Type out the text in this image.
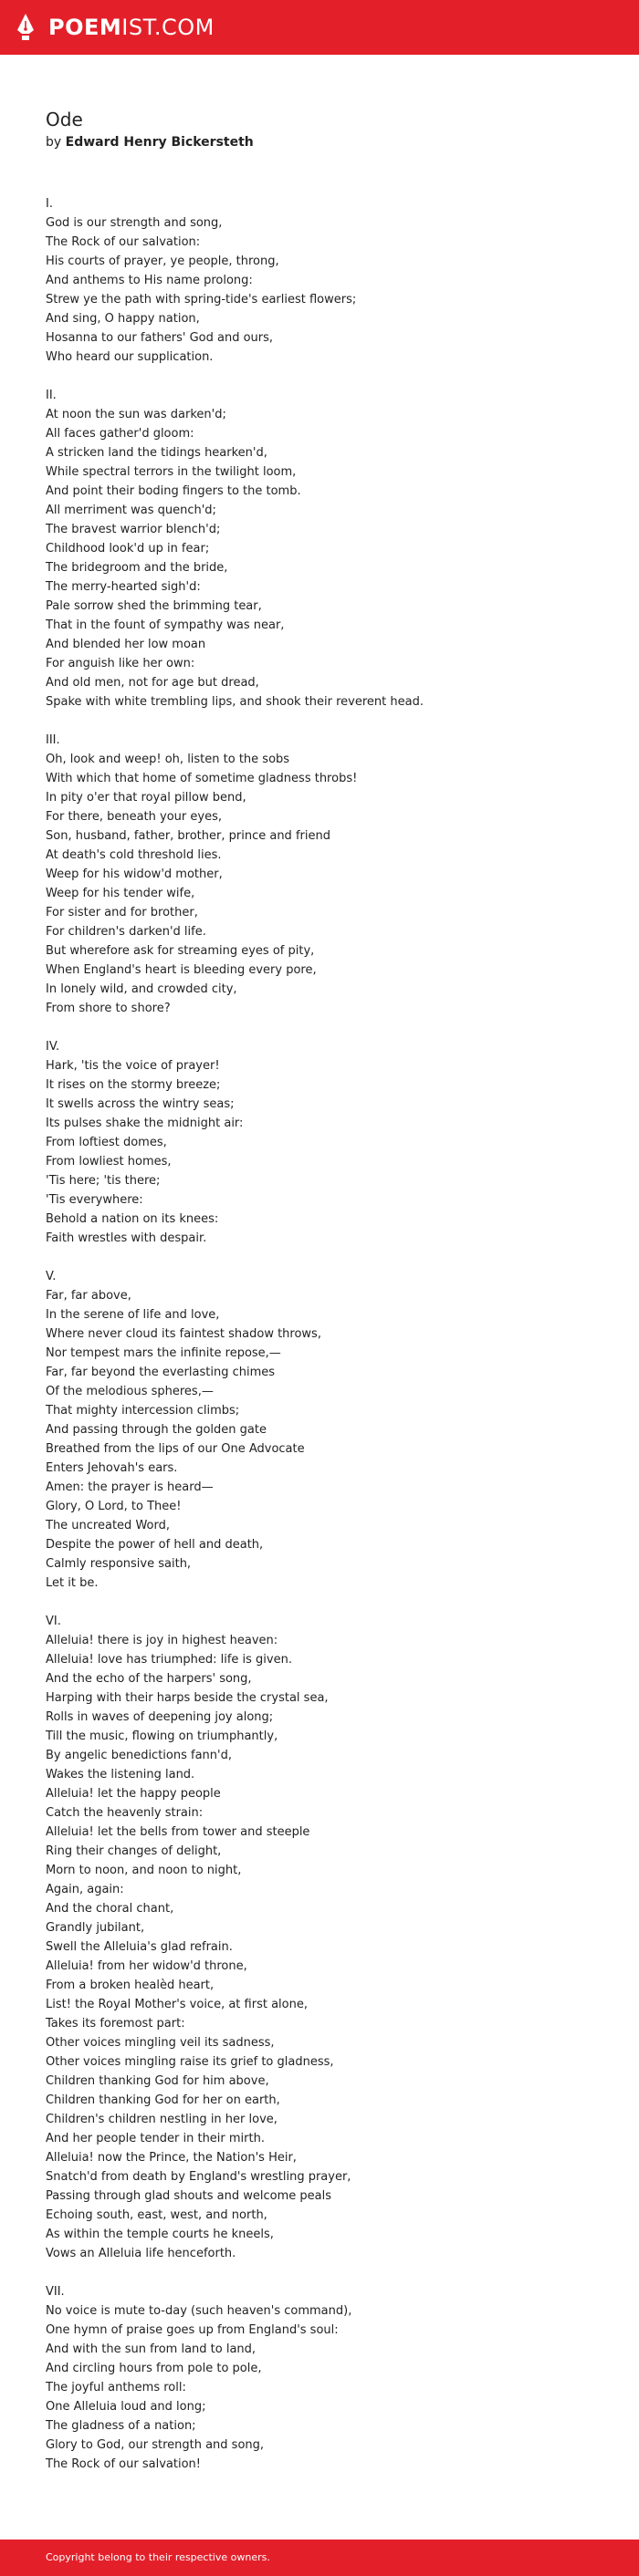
POEMIST.COM
Ode
by Edward Henry Bickersteth
I.
God is our strength and song,
The Rock of our salvation:
His courts of prayer, ye people, throng,
And anthems to His name prolong:
Strew ye the path with spring-tide's earliest flowers;
And sing, O happy nation,
Hosanna to our fathers' God and ours,
Who heard our supplication.
II.
At noon the sun was darken'd;
All faces gather'd gloom:
A stricken land the tidings hearken'd,
While spectral terrors in the twilight loom,
And point their boding fingers to the tomb.
All merriment was quench'd;
The bravest warrior blench'd;
Childhood look'd up in fear;
The bridegroom and the bride,
The merry-hearted sigh'd:
Pale sorrow shed the brimming tear,
That in the fount of sympathy was near,
And blended her low moan
For anguish like her own:
And old men, not for age but dread,
Spake with white trembling lips, and shook their reverent head.
III.
Oh, look and weep! oh, listen to the sobs
With which that home of sometime gladness throbs!
In pity o'er that royal pillow bend,
For there, beneath your eyes,
Son, husband, father, brother, prince and friend
At death's cold threshold lies.
Weep for his widow'd mother,
Weep for his tender wife,
For sister and for brother,
For children's darken'd life.
But wherefore ask for streaming eyes of pity,
When England's heart is bleeding every pore,
In lonely wild, and crowded city,
From shore to shore?
IV.
Hark, 'tis the voice of prayer!
It rises on the stormy breeze;
It swells across the wintry seas;
Its pulses shake the midnight air:
From loftiest domes,
From lowliest homes,
'Tis here; 'tis there;
'Tis everywhere:
Behold a nation on its knees:
Faith wrestles with despair.
V.
Far, far above,
In the serene of life and love,
Where never cloud its faintest shadow throws,
Nor tempest mars the infinite repose,—
Far, far beyond the everlasting chimes
Of the melodious spheres,—
That mighty intercession climbs;
And passing through the golden gate
Breathed from the lips of our One Advocate
Enters Jehovah's ears.
Amen: the prayer is heard—
Glory, O Lord, to Thee!
The uncreated Word,
Despite the power of hell and death,
Calmly responsive saith,
Let it be.
VI.
Alleluia! there is joy in highest heaven:
Alleluia! love has triumphed: life is given.
And the echo of the harpers' song,
Harping with their harps beside the crystal sea,
Rolls in waves of deepening joy along;
Till the music, flowing on triumphantly,
By angelic benedictions fann'd,
Wakes the listening land.
Alleluia! let the happy people
Catch the heavenly strain:
Alleluia! let the bells from tower and steeple
Ring their changes of delight,
Morn to noon, and noon to night,
Again, again:
And the choral chant,
Grandly jubilant,
Swell the Alleluia's glad refrain.
Alleluia! from her widow'd throne,
From a broken healèd heart,
List! the Royal Mother's voice, at first alone,
Takes its foremost part:
Other voices mingling veil its sadness,
Other voices mingling raise its grief to gladness,
Children thanking God for him above,
Children thanking God for her on earth,
Children's children nestling in her love,
And her people tender in their mirth.
Alleluia! now the Prince, the Nation's Heir,
Snatch'd from death by England's wrestling prayer,
Passing through glad shouts and welcome peals
Echoing south, east, west, and north,
As within the temple courts he kneels,
Vows an Alleluia life henceforth.
VII.
No voice is mute to-day (such heaven's command),
One hymn of praise goes up from England's soul:
And with the sun from land to land,
And circling hours from pole to pole,
The joyful anthems roll:
One Alleluia loud and long;
The gladness of a nation;
Glory to God, our strength and song,
The Rock of our salvation!
Copyright belong to their respective owners.
